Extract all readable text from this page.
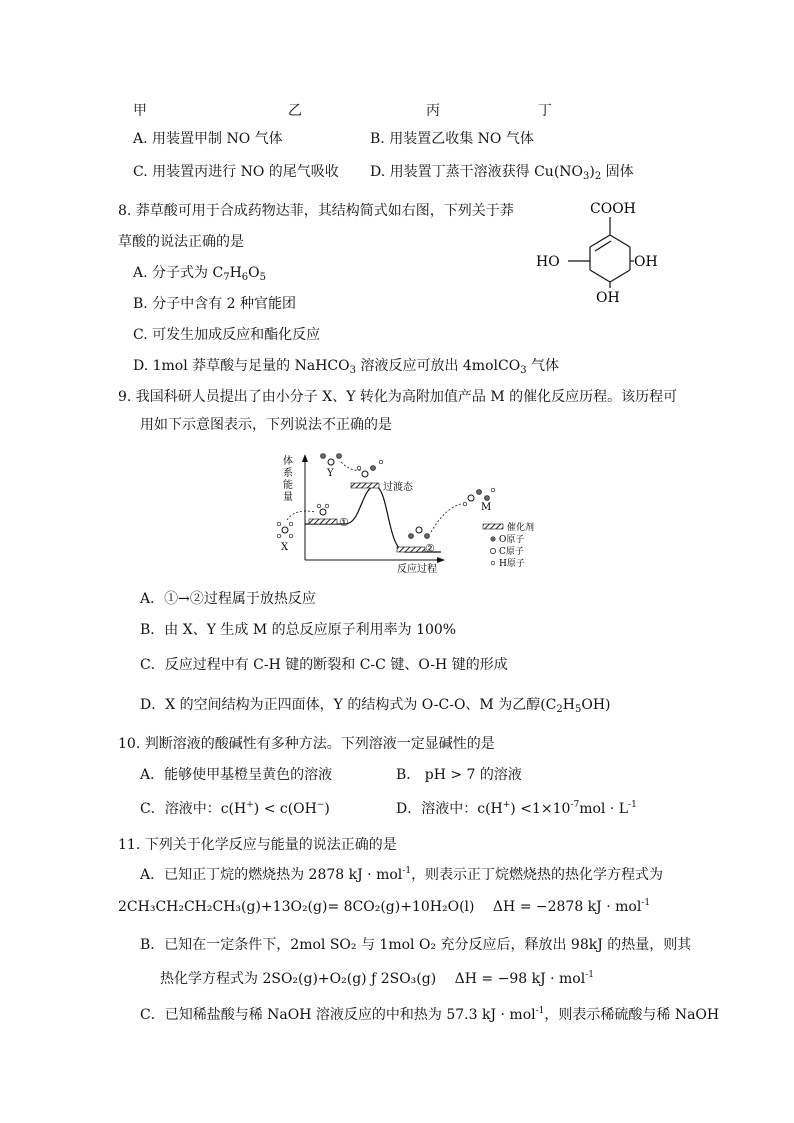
甲	乙	丙	丁
A. 用装置甲制 NO 气体	B. 用装置乙收集 NO 气体
C. 用装置丙进行 NO 的尾气吸收 D. 用装置丁蒸干溶液获得 $Cu(NO_3)_2$ 固体
8. 莽草酸可用于合成药物达菲，其结构简式如右图，下列关于莽
草酸的说法正确的是
A. 分子式为 $C_7H_6O_5$
B. 分子中含有 2 种官能团
C. 可发生加成反应和酯化反应
D. 1mol 莽草酸与足量的 NaHCO$_3$ 溶液反应可放出 4molCO$_3$ 气体
COOH
HO	OH
OH
9. 我国科研人员提出了由小分子 X、Y 转化为高附加值产品 M 的催化反应历程。该历程可
用如下示意图表示，下列说法不正确的是
体
系
能
量
反应过程
①
过渡态
②
X
Y
M
催化剂
O原子
C原子
H原子
A．①→②过程属于放热反应
B．由 X、Y 生成 M 的总反应原子利用率为 100%
C．反应过程中有 C-H 键的断裂和 C-C 键、O-H 键的形成
D．X 的空间结构为正四面体，Y 的结构式为 O-C-O、M 为乙醇$(C_2H_5OH)$
10. 判断溶液的酸碱性有多种方法。下列溶液一定显碱性的是
A．能够使甲基橙呈黄色的溶液	B． pH > 7 的溶液
C．溶液中：c(H+) < c(OH−)	D．溶液中：$c(H^+) <1\times 10^{-7}mol \cdot L^{-1}$
11. 下列关于化学反应与能量的说法正确的是
A．已知正丁烷的燃烧热为 2878 kJ · mol$^{-1}$，则表示正丁烷燃烧热的热化学方程式为
2CH₃CH₂CH₂CH₃(g)+13O₂(g)= 8CO₂(g)+10H₂O(l) ΔH = −2878 kJ · mol$^{-1}$
B．已知在一定条件下，2mol SO₂ 与 1mol O₂ 充分反应后，释放出 98kJ 的热量，则其
热化学方程式为 2SO₂(g)+O₂(g) ƒ 2SO₃(g) ΔH = −98 kJ · mol$^{-1}$
C．已知稀盐酸与稀 NaOH 溶液反应的中和热为 57.3 kJ · mol$^{-1}$，则表示稀硫酸与稀 NaOH
